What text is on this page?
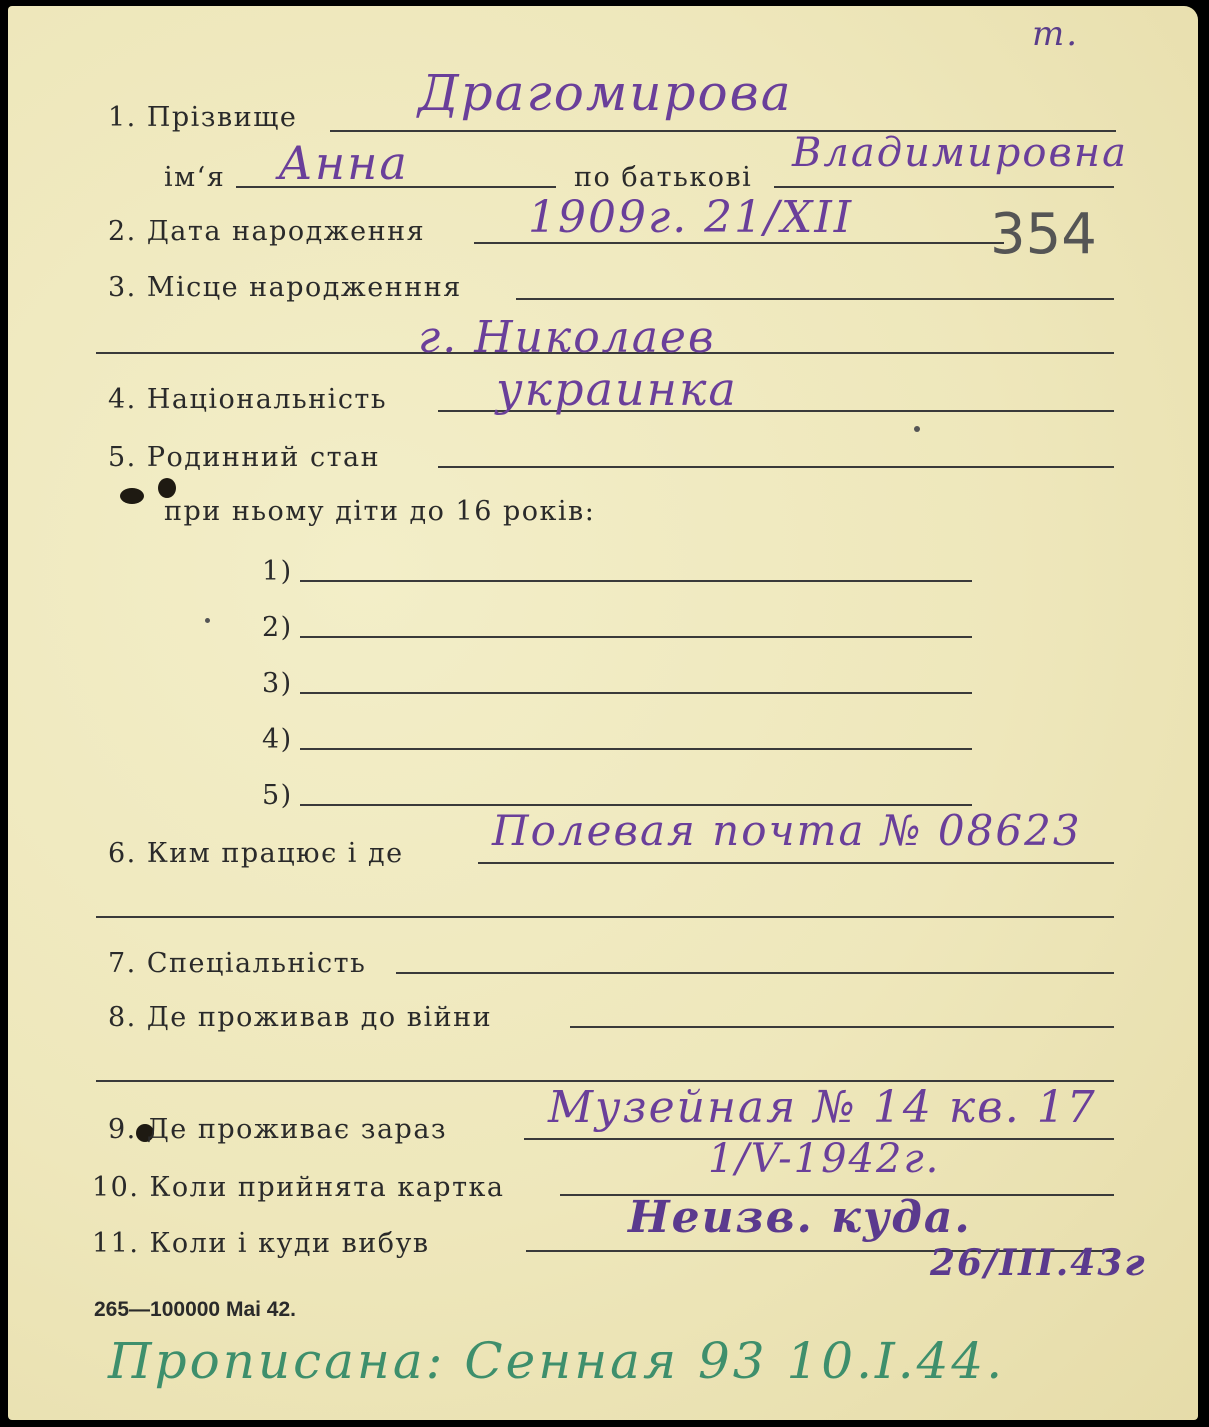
т.
1. Прізвище Драгомирова
ім‘я Анна	по батькові
Владимировна
2. Дата народження 1909г. 21/XII 354
3. Місце народженння
г. Николаев
4. Національність украинка
5. Родинний стан
при ньому діти до 16 років:
1)
2)
3)
4)
5)
6. Ким працює і де Полевая почта № 08623
7. Спеціальність
8. Де проживав до війни
9. Де проживає зараз Музейная № 14 кв. 17
10. Коли прийнята картка
1/V-1942г.
11. Коли і куди вибув
Неизв. куда.
26/III.43г
265—100000 Mai 42.
Прописана: Сенная 93 10.I.44.
